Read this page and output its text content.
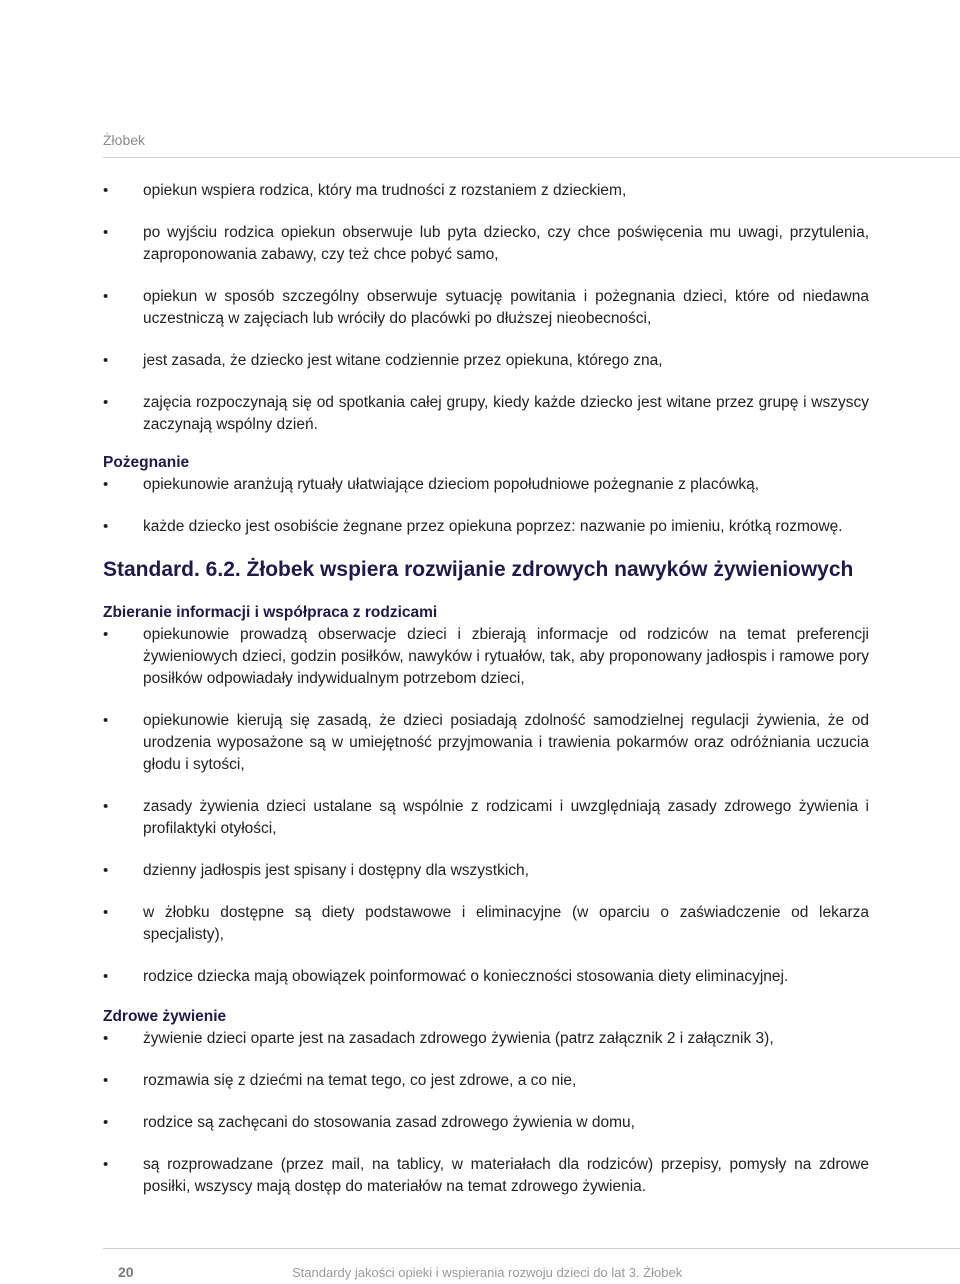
Żłobek
• opiekun wspiera rodzica, który ma trudności z rozstaniem z dzieckiem,
• po wyjściu rodzica opiekun obserwuje lub pyta dziecko, czy chce poświęcenia mu uwagi, przytulenia, zaproponowania zabawy, czy też chce pobyć samo,
• opiekun w sposób szczególny obserwuje sytuację powitania i pożegnania dzieci, które od niedawna uczestniczą w zajęciach lub wróciły do placówki po dłuższej nieobecności,
• jest zasada, że dziecko jest witane codziennie przez opiekuna, którego zna,
• zajęcia rozpoczynają się od spotkania całej grupy, kiedy każde dziecko jest witane przez grupę i wszyscy zaczynają wspólny dzień.
Pożegnanie
• opiekunowie aranżują rytuały ułatwiające dzieciom popołudniowe pożegnanie z placówką,
• każde dziecko jest osobiście żegnane przez opiekuna poprzez: nazwanie po imieniu, krótką rozmowę.
Standard. 6.2. Żłobek wspiera rozwijanie zdrowych nawyków żywieniowych
Zbieranie informacji i współpraca z rodzicami
• opiekunowie prowadzą obserwacje dzieci i zbierają informacje od rodziców na temat preferencji żywieniowych dzieci, godzin posiłków, nawyków i rytuałów, tak, aby proponowany jadłospis i ramowe pory posiłków odpowiadały indywidualnym potrzebom dzieci,
• opiekunowie kierują się zasadą, że dzieci posiadają zdolność samodzielnej regulacji żywienia, że od urodzenia wyposażone są w umiejętność przyjmowania i trawienia pokarmów oraz odróżniania uczucia głodu i sytości,
• zasady żywienia dzieci ustalane są wspólnie z rodzicami i uwzględniają zasady zdrowego żywienia i profilaktyki otyłości,
• dzienny jadłospis jest spisany i dostępny dla wszystkich,
• w żłobku dostępne są diety podstawowe i eliminacyjne (w oparciu o zaświadczenie od lekarza specjalisty),
• rodzice dziecka mają obowiązek poinformować o konieczności stosowania diety eliminacyjnej.
Zdrowe żywienie
• żywienie dzieci oparte jest na zasadach zdrowego żywienia (patrz załącznik 2 i załącznik 3),
• rozmawia się z dziećmi na temat tego, co jest zdrowe, a co nie,
• rodzice są zachęcani do stosowania zasad zdrowego żywienia w domu,
• są rozprowadzane (przez mail, na tablicy, w materiałach dla rodziców) przepisy, pomysły na zdrowe posiłki, wszyscy mają dostęp do materiałów na temat zdrowego żywienia.
20	Standardy jakości opieki i wspierania rozwoju dzieci do lat 3. Żłobek
